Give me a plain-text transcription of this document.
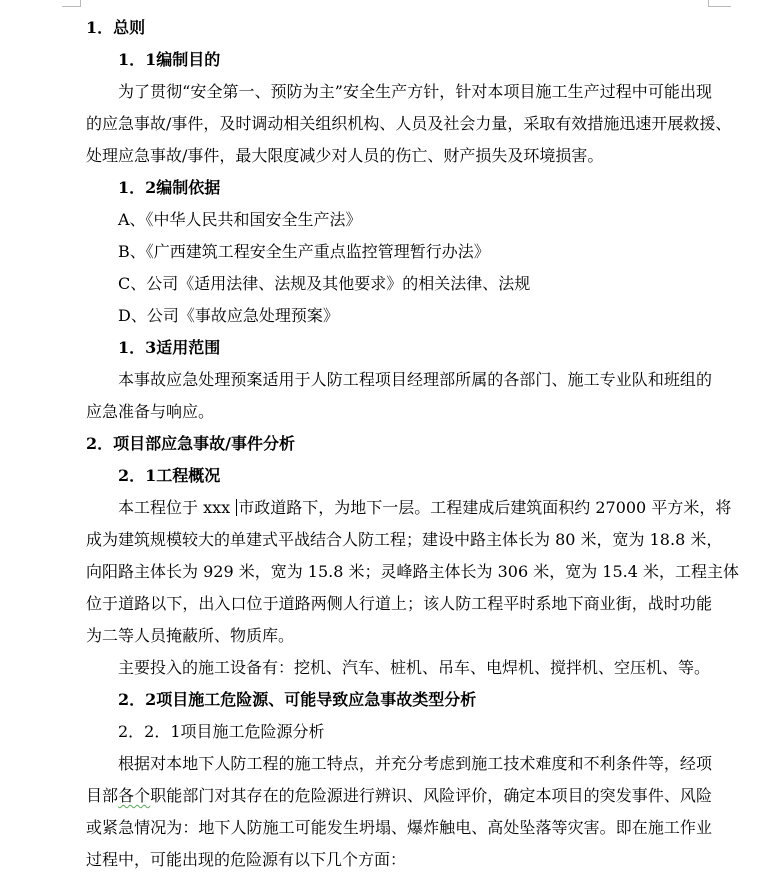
1．总则
1．1编制目的
为了贯彻“安全第一、预防为主”安全生产方针，针对本项目施工生产过程中可能出现
的应急事故/事件，及时调动相关组织机构、人员及社会力量，采取有效措施迅速开展救援、
处理应急事故/事件，最大限度减少对人员的伤亡、财产损失及环境损害。
1．2编制依据
A、《中华人民共和国安全生产法》
B、《广西建筑工程安全生产重点监控管理暂行办法》
C、公司《适用法律、法规及其他要求》的相关法律、法规
D、公司《事故应急处理预案》
1．3适用范围
本事故应急处理预案适用于人防工程项目经理部所属的各部门、施工专业队和班组的
应急准备与响应。
2．项目部应急事故/事件分析
2．1工程概况
本工程位于 xxx 市政道路下，为地下一层。工程建成后建筑面积约 27000 平方米，将
成为建筑规模较大的单建式平战结合人防工程；建设中路主体长为 80 米，宽为 18.8 米，
向阳路主体长为 929 米，宽为 15.8 米；灵峰路主体长为 306 米，宽为 15.4 米，工程主体
位于道路以下，出入口位于道路两侧人行道上；该人防工程平时系地下商业街，战时功能
为二等人员掩蔽所、物质库。
主要投入的施工设备有：挖机、汽车、桩机、吊车、电焊机、搅拌机、空压机、等。
2．2项目施工危险源、可能导致应急事故类型分析
2．2．1项目施工危险源分析
根据对本地下人防工程的施工特点，并充分考虑到施工技术难度和不利条件等，经项
目部各个职能部门对其存在的危险源进行辨识、风险评价，确定本项目的突发事件、风险
或紧急情况为：地下人防施工可能发生坍塌、爆炸触电、高处坠落等灾害。即在施工作业
过程中，可能出现的危险源有以下几个方面：
